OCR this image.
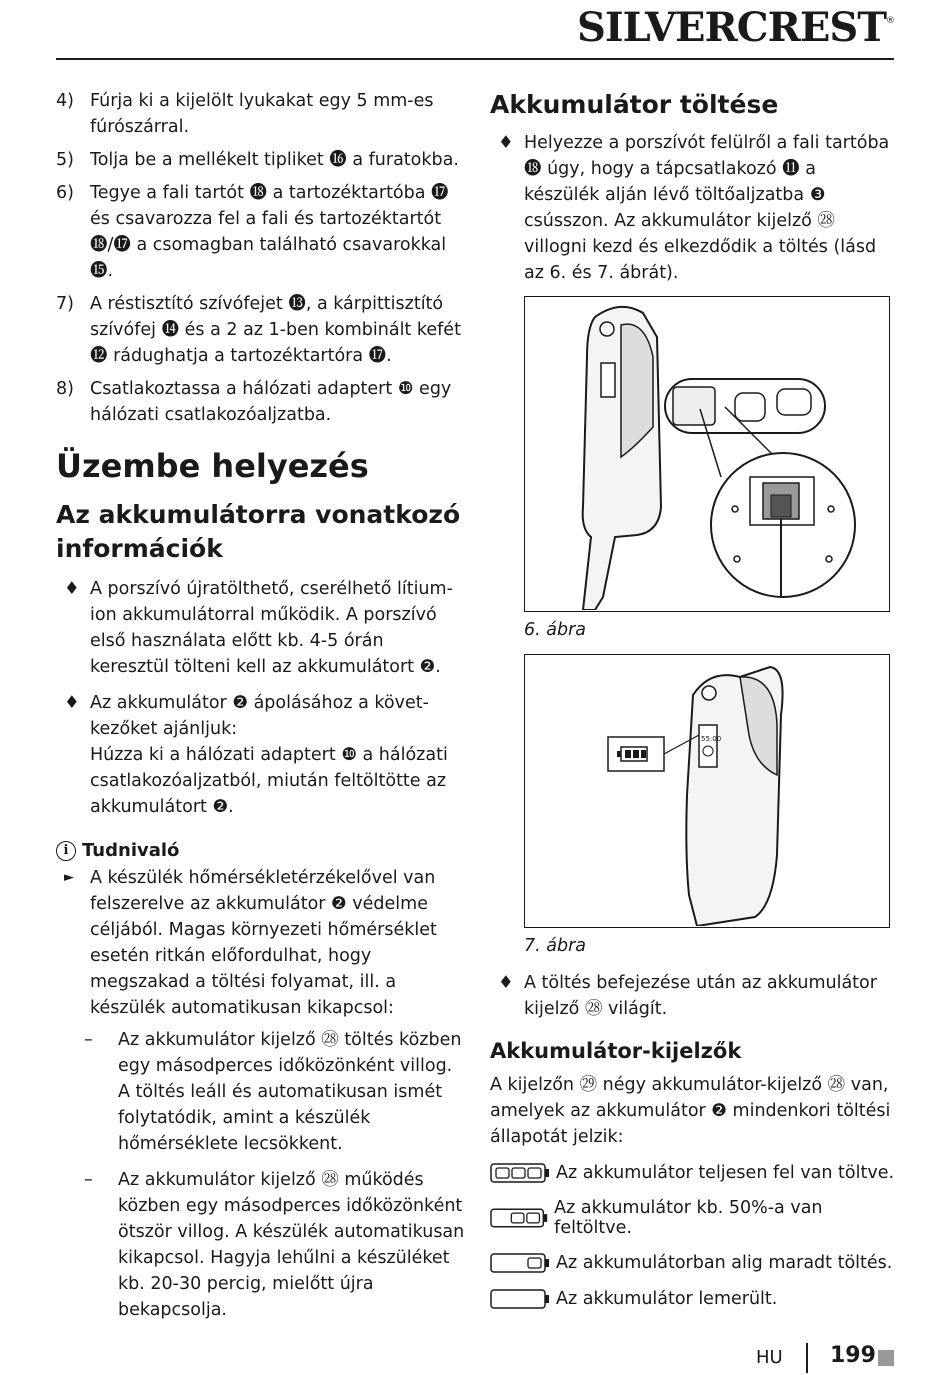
SILVERCREST®
4) Fúrja ki a kijelölt lyukakat egy 5 mm-es fúrószárral.
5) Tolja be a mellékelt tipliket ⓰ a furatokba.
6) Tegye a fali tartót ⓲ a tartozéktartóba ⓱ és csavarozza fel a fali és tartozéktartót ⓲/⓱ a csomagban található csavarokkal ⓯.
7) A réstisztító szívófejet ⓭, a kárpittisztító szívófej ⓮ és a 2 az 1-ben kombinált kefét ⓬ rádughatja a tartozéktartóra ⓱.
8) Csatlakoztassa a hálózati adaptert ❿ egy hálózati csatlakozóaljzatba.
Üzembe helyezés
Az akkumulátorra vonatkozó információk
♦ A porszívó újratölthető, cserélhető lítium-ion akkumulátorral működik. A porszívó első használata előtt kb. 4-5 órán keresztül tölteni kell az akkumulátort ❷.
♦ Az akkumulátor ❷ ápolásához a következőket ajánljuk:

Húzza ki a hálózati adaptert ❿ a hálózati csatlakozóaljzatból, miután feltöltötte az akkumulátort ❷.

i Tudnivaló
► A készülék hőmérsékletérzékelővel van felszerelve az akkumulátor ❷ védelme céljából. Magas környezeti hőmérséklet esetén ritkán előfordulhat, hogy megszakad a töltési folyamat, ill. a készülék automatikusan kikapcsol:
–	Az akkumulátor kijelző ㉘ töltés közben egy másodperces időközönként villog.

A töltés leáll és automatikusan ismét folytatódik, amint a készülék hőmérséklete lecsökkent.

–	Az akkumulátor kijelző ㉘ működés közben egy másodperces időközönként ötször villog. A készülék automatikusan kikapcsol. Hagyja lehűlni a készüléket kb. 20-30 percig, mielőtt újra bekapcsolja.
Akkumulátor töltése
♦ Helyezze a porszívót felülről a fali tartóba ⓲ úgy, hogy a tápcsatlakozó ⓫ a készülék alján lévő töltőaljzatba ❸ csússzon. Az akkumulátor kijelző ㉘ villogni kezd és elkezdődik a töltés (lásd az 6. és 7. ábrát).
6. ábra
55:00
7. ábra
♦ A töltés befejezése után az akkumulátor kijelző ㉘ világít.
Akkumulátor-kijelzők
A kijelzőn ㉙ négy akkumulátor-kijelző ㉘ van, amelyek az akkumulátor ❷ mindenkori töltési állapotát jelzik:
Az akkumulátor teljesen fel van töltve.
Az akkumulátor kb. 50%-a van feltöltve.
Az akkumulátorban alig maradt töltés.
Az akkumulátor lemerült.
HU 199
